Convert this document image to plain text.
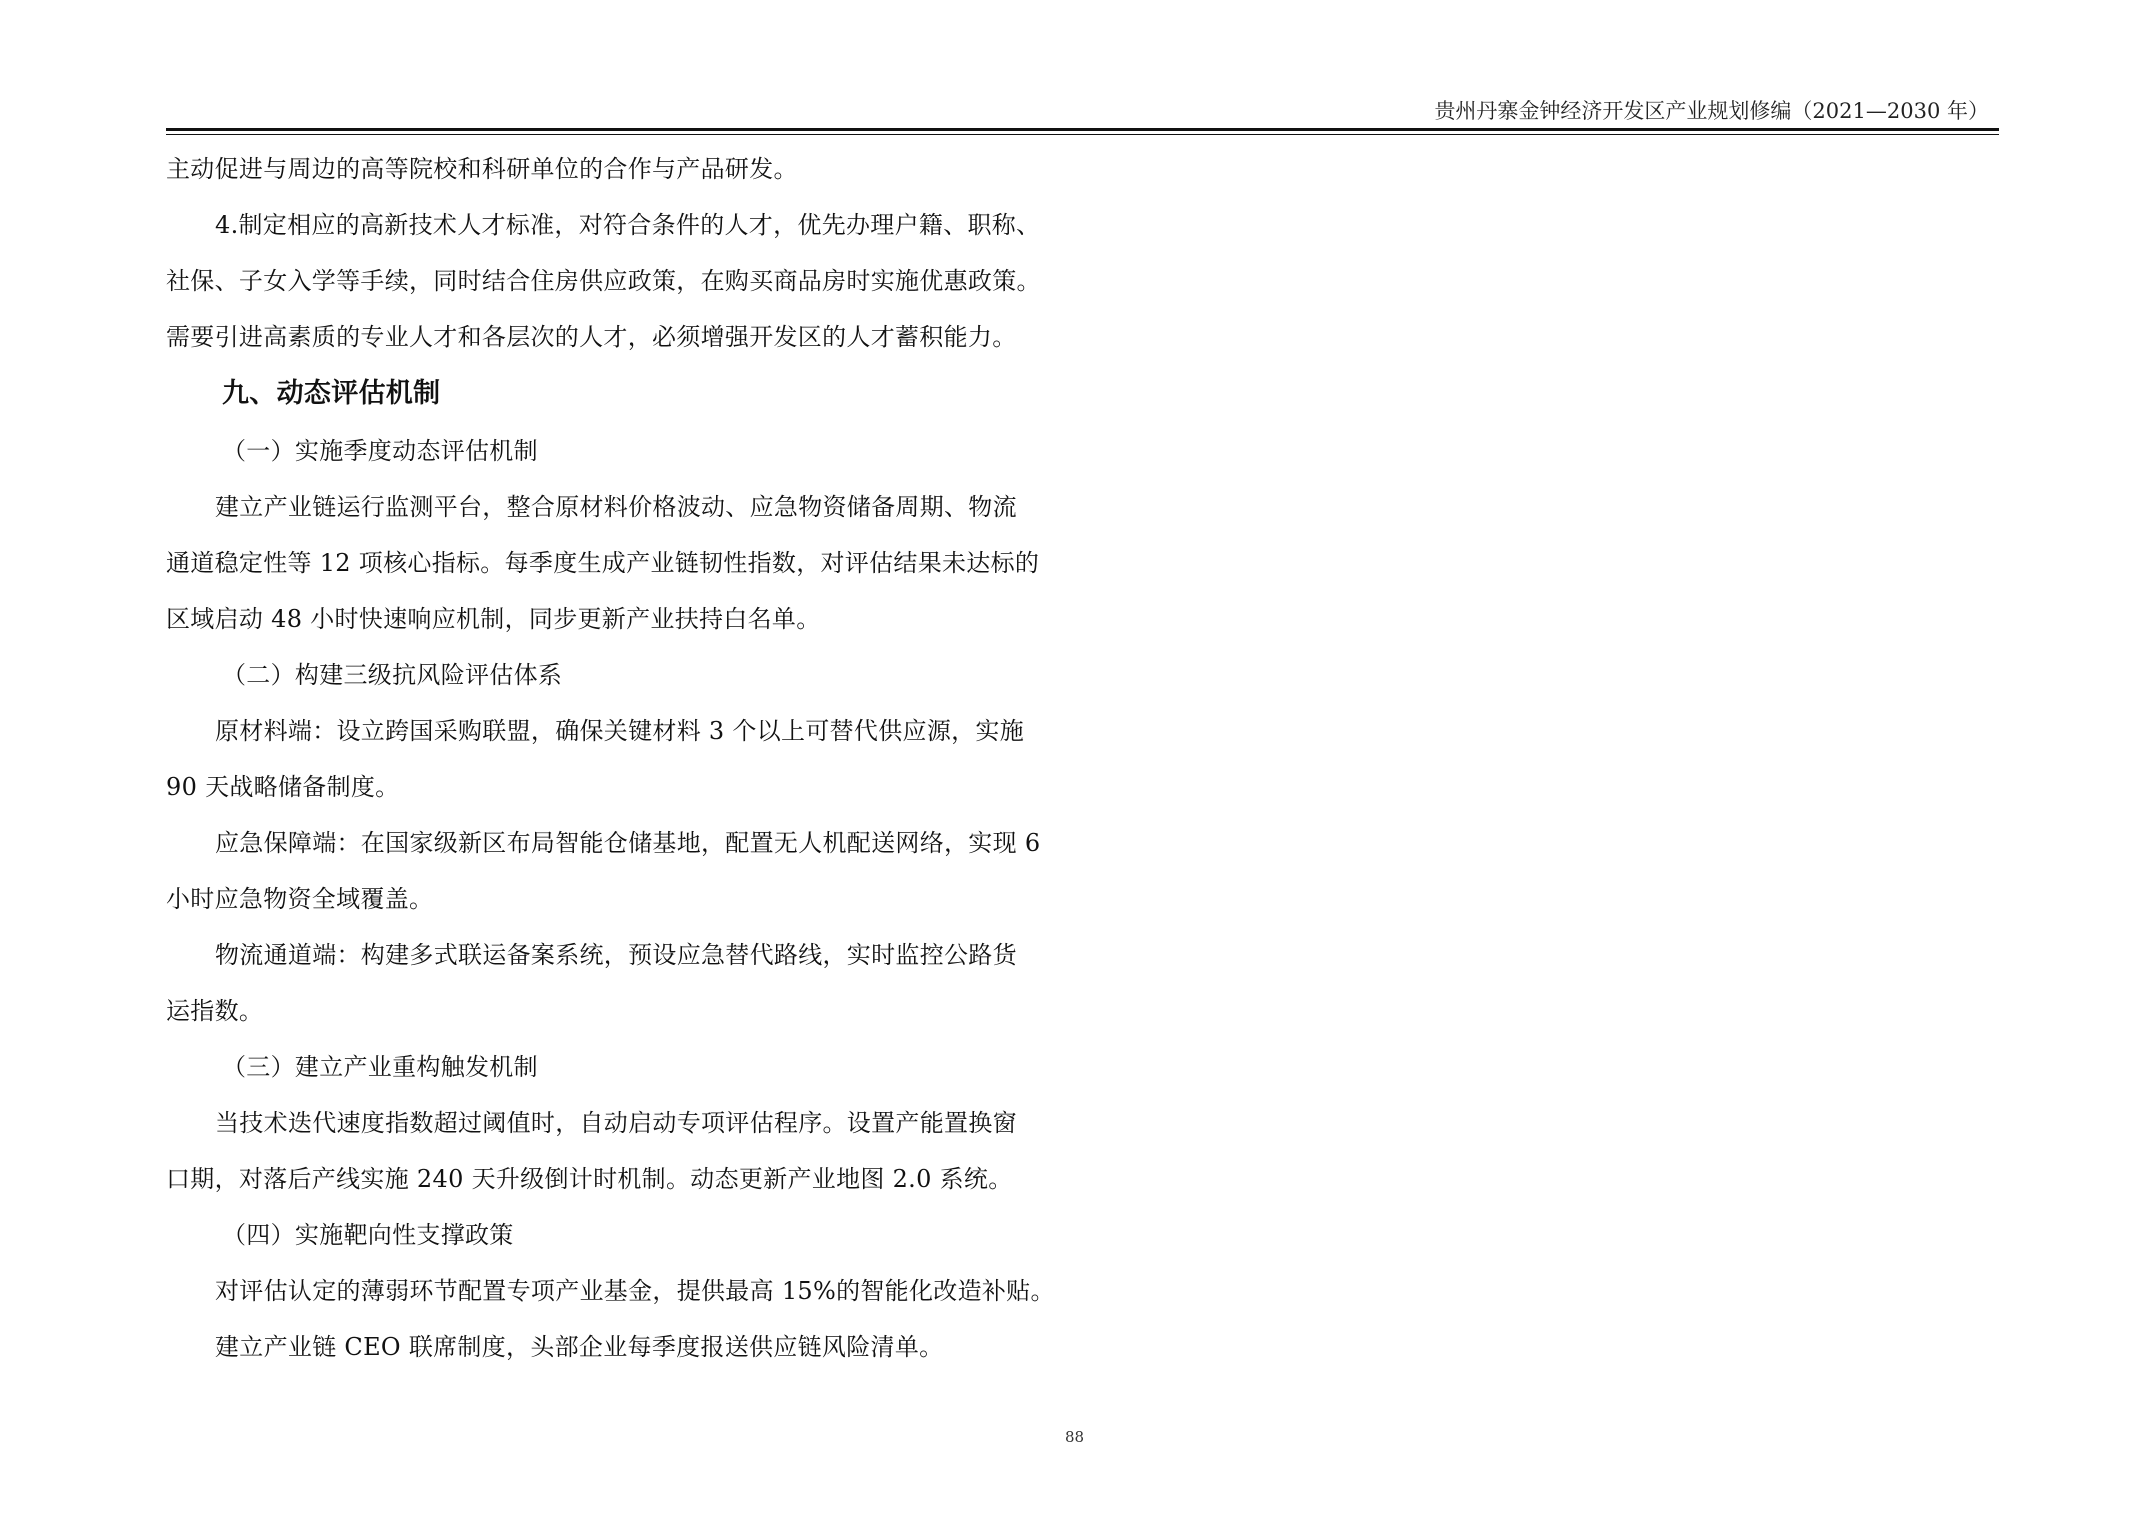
贵州丹寨金钟经济开发区产业规划修编（2021—2030 年）
主动促进与周边的高等院校和科研单位的合作与产品研发。
4.制定相应的高新技术人才标准，对符合条件的人才，优先办理户籍、职称、
社保、子女入学等手续，同时结合住房供应政策，在购买商品房时实施优惠政策。
需要引进高素质的专业人才和各层次的人才，必须增强开发区的人才蓄积能力。
九、动态评估机制
（一）实施季度动态评估机制
建立产业链运行监测平台，整合原材料价格波动、应急物资储备周期、物流
通道稳定性等 12 项核心指标。每季度生成产业链韧性指数，对评估结果未达标的
区域启动 48 小时快速响应机制，同步更新产业扶持白名单。
（二）构建三级抗风险评估体系
原材料端：设立跨国采购联盟，确保关键材料 3 个以上可替代供应源，实施
90 天战略储备制度。
应急保障端：在国家级新区布局智能仓储基地，配置无人机配送网络，实现 6
小时应急物资全域覆盖。
物流通道端：构建多式联运备案系统，预设应急替代路线，实时监控公路货
运指数。
（三）建立产业重构触发机制
当技术迭代速度指数超过阈值时，自动启动专项评估程序。设置产能置换窗
口期，对落后产线实施 240 天升级倒计时机制。动态更新产业地图 2.0 系统。
（四）实施靶向性支撑政策
对评估认定的薄弱环节配置专项产业基金，提供最高 15%的智能化改造补贴。
建立产业链 CEO 联席制度，头部企业每季度报送供应链风险清单。
88
